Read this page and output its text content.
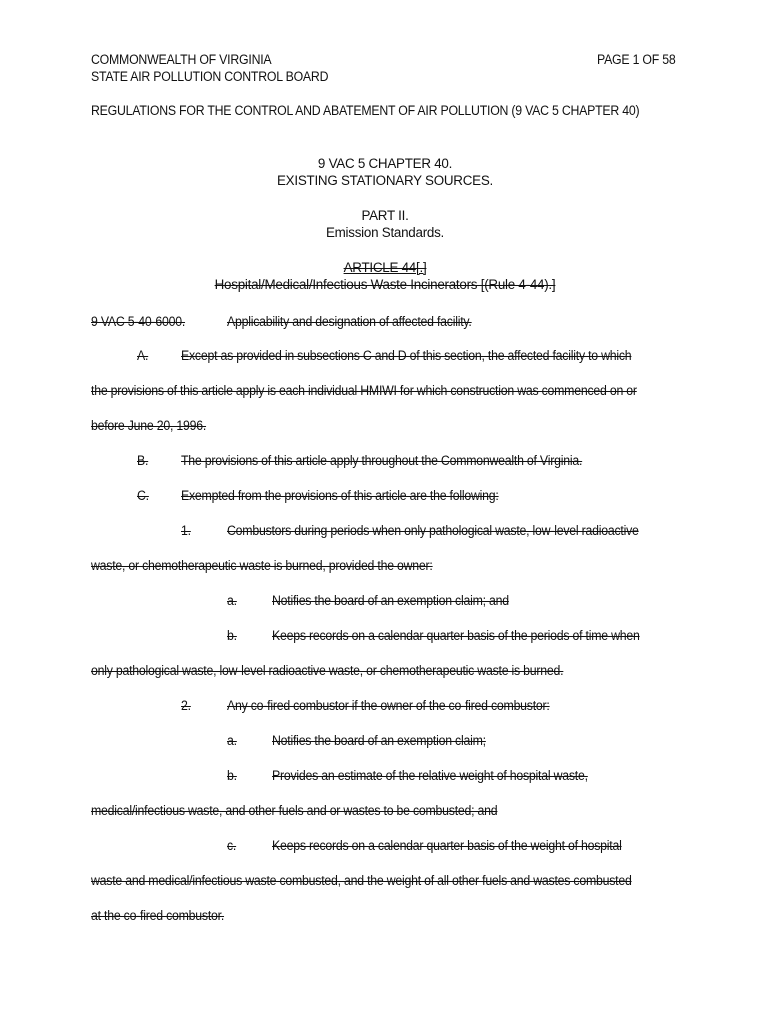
COMMONWEALTH OF VIRGINIA	PAGE 1 OF 58
STATE AIR POLLUTION CONTROL BOARD
REGULATIONS FOR THE CONTROL AND ABATEMENT OF AIR POLLUTION (9 VAC 5 CHAPTER 40)
9 VAC 5 CHAPTER 40.
EXISTING STATIONARY SOURCES.
PART II.
Emission Standards.
ARTICLE 44[.]
Hospital/Medical/Infectious Waste Incinerators [(Rule 4-44).]
9 VAC 5-40-6000.	Applicability and designation of affected facility.
A. Except as provided in subsections C and D of this section, the affected facility to which
the provisions of this article apply is each individual HMIWI for which construction was commenced on or
before June 20, 1996.
B. The provisions of this article apply throughout the Commonwealth of Virginia.
C. Exempted from the provisions of this article are the following:
1.	Combustors during periods when only pathological waste, low-level radioactive
waste, or chemotherapeutic waste is burned, provided the owner:
a.	Notifies the board of an exemption claim; and
b.	Keeps records on a calendar quarter basis of the periods of time when
only pathological waste, low-level radioactive waste, or chemotherapeutic waste is burned.
2.	Any co-fired combustor if the owner of the co-fired combustor:
a.	Notifies the board of an exemption claim;
b.	Provides an estimate of the relative weight of hospital waste,
medical/infectious waste, and other fuels and or wastes to be combusted; and
c.	Keeps records on a calendar quarter basis of the weight of hospital
waste and medical/infectious waste combusted, and the weight of all other fuels and wastes combusted
at the co-fired combustor.
